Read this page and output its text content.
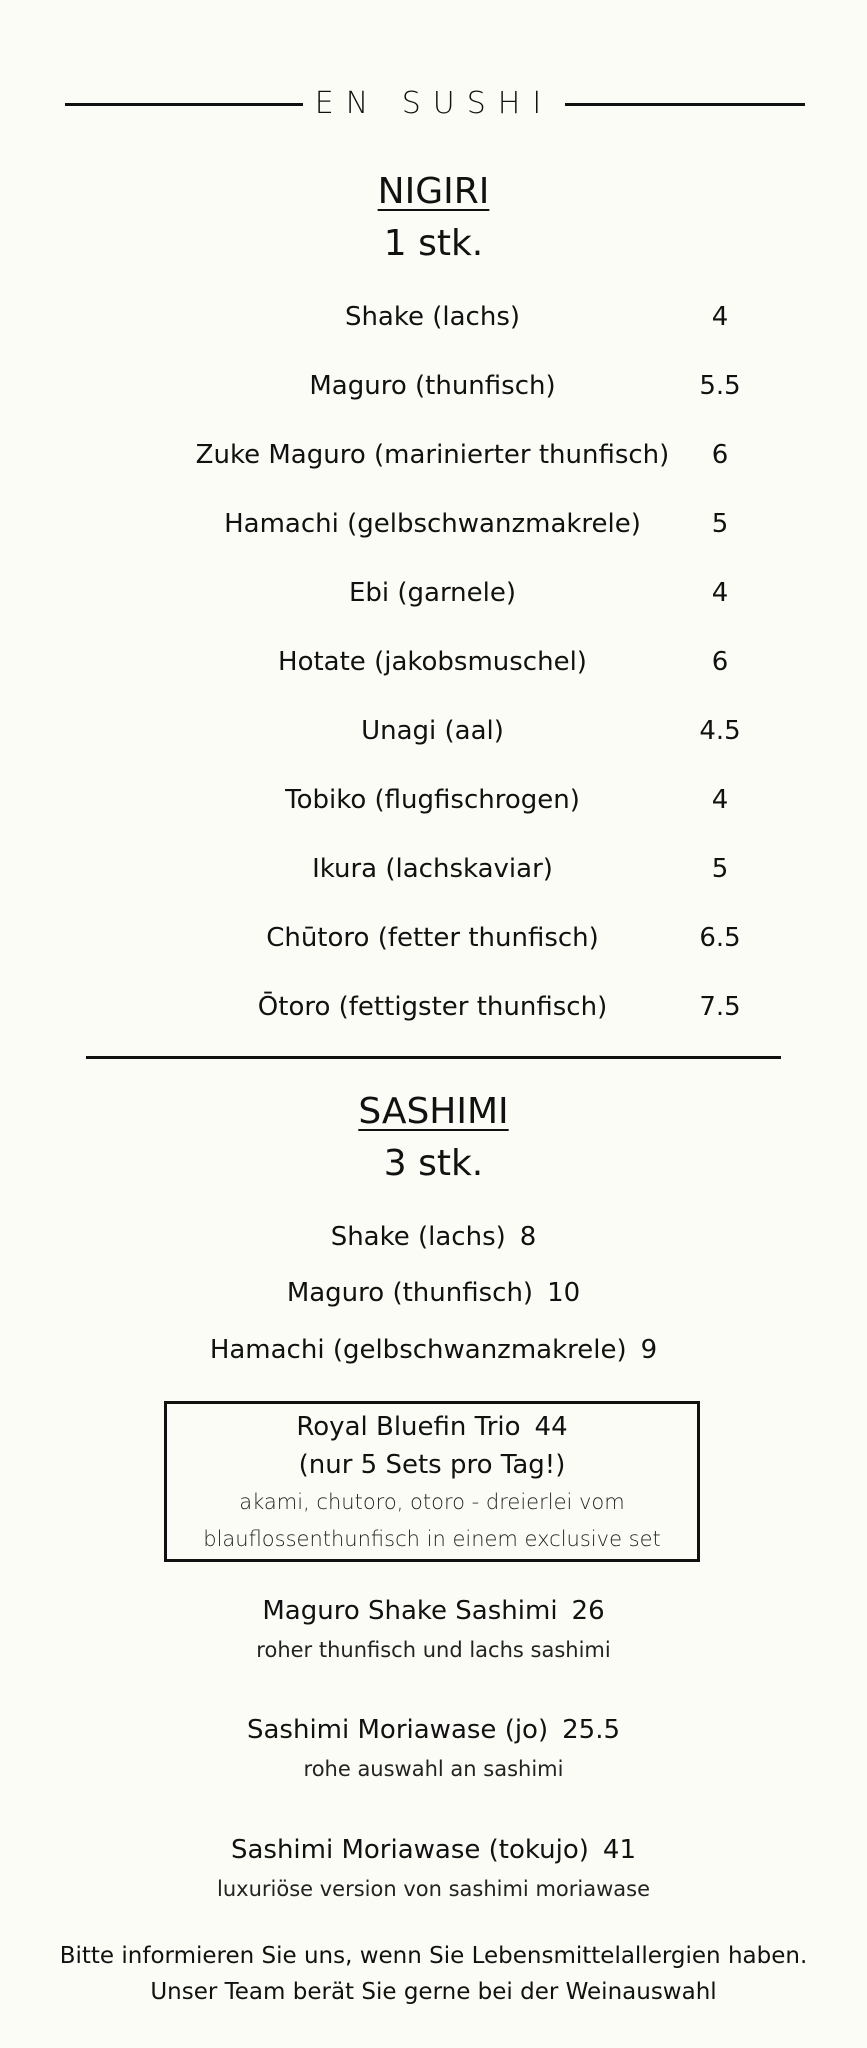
EN SUSHI
NIGIRI
1 stk.
Shake (lachs)	4
Maguro (thunfisch)	5.5
Zuke Maguro (marinierter thunfisch)	6
Hamachi (gelbschwanzmakrele)	5
Ebi (garnele)	4
Hotate (jakobsmuschel)	6
Unagi (aal)	4.5
Tobiko (flugfischrogen)	4
Ikura (lachskaviar)	5
Chūtoro (fetter thunfisch)	6.5
Ōtoro (fettigster thunfisch)	7.5
SASHIMI
3 stk.
Shake (lachs) 8
Maguro (thunfisch) 10
Hamachi (gelbschwanzmakrele) 9
Royal Bluefin Trio 44
(nur 5 Sets pro Tag!)
akami, chutoro, otoro - dreierlei vom
blauflossenthunfisch in einem exclusive set
Maguro Shake Sashimi 26
roher thunfisch und lachs sashimi
Sashimi Moriawase (jo) 25.5
rohe auswahl an sashimi
Sashimi Moriawase (tokujo) 41
luxuriöse version von sashimi moriawase
Bitte informieren Sie uns, wenn Sie Lebensmittelallergien haben.
Unser Team berät Sie gerne bei der Weinauswahl
